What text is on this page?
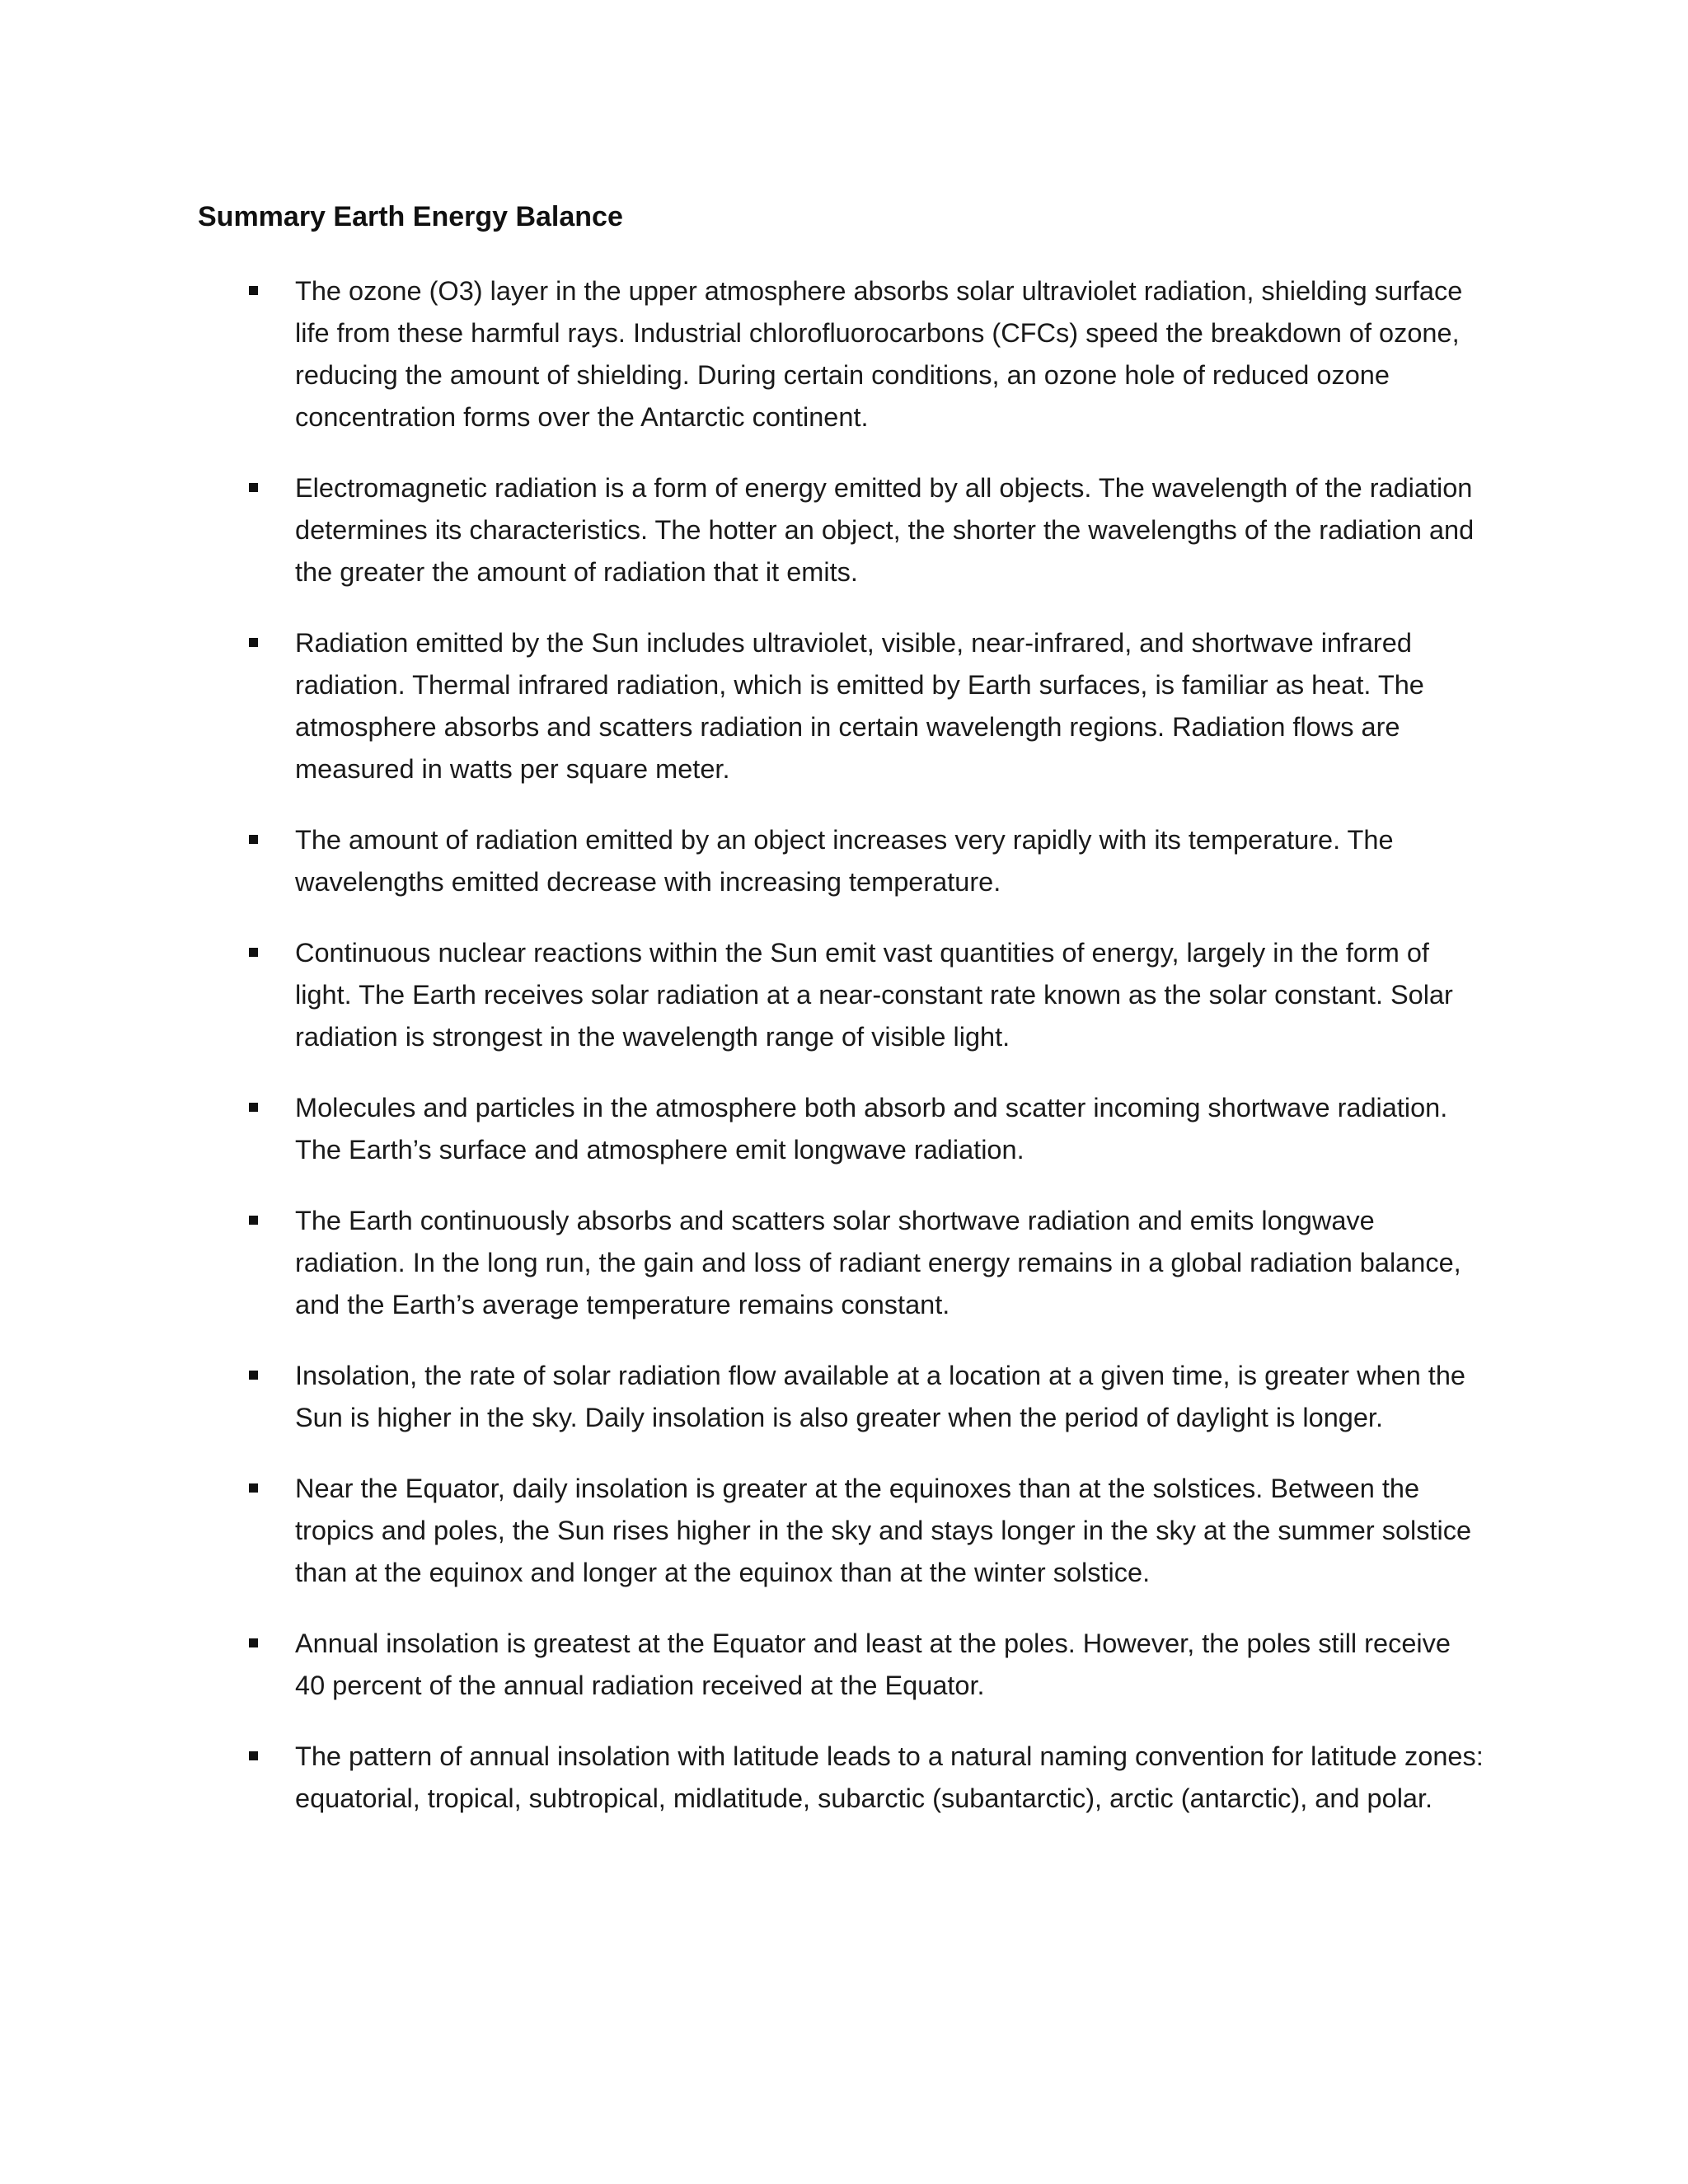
Summary Earth Energy Balance
The ozone (O3) layer in the upper atmosphere absorbs solar ultraviolet radiation, shielding surface life from these harmful rays. Industrial chlorofluorocarbons (CFCs) speed the breakdown of ozone, reducing the amount of shielding. During certain conditions, an ozone hole of reduced ozone concentration forms over the Antarctic continent.
Electromagnetic radiation is a form of energy emitted by all objects. The wavelength of the radiation determines its characteristics. The hotter an object, the shorter the wavelengths of the radiation and the greater the amount of radiation that it emits.
Radiation emitted by the Sun includes ultraviolet, visible, near-infrared, and shortwave infrared radiation. Thermal infrared radiation, which is emitted by Earth surfaces, is familiar as heat. The atmosphere absorbs and scatters radiation in certain wavelength regions. Radiation flows are measured in watts per square meter.
The amount of radiation emitted by an object increases very rapidly with its temperature. The wavelengths emitted decrease with increasing temperature.
Continuous nuclear reactions within the Sun emit vast quantities of energy, largely in the form of light. The Earth receives solar radiation at a near-constant rate known as the solar constant. Solar radiation is strongest in the wavelength range of visible light.
Molecules and particles in the atmosphere both absorb and scatter incoming shortwave radiation. The Earth’s surface and atmosphere emit longwave radiation.
The Earth continuously absorbs and scatters solar shortwave radiation and emits longwave radiation. In the long run, the gain and loss of radiant energy remains in a global radiation balance, and the Earth’s average temperature remains constant.
Insolation, the rate of solar radiation flow available at a location at a given time, is greater when the Sun is higher in the sky. Daily insolation is also greater when the period of daylight is longer.
Near the Equator, daily insolation is greater at the equinoxes than at the solstices. Between the tropics and poles, the Sun rises higher in the sky and stays longer in the sky at the summer solstice than at the equinox and longer at the equinox than at the winter solstice.
Annual insolation is greatest at the Equator and least at the poles. However, the poles still receive 40 percent of the annual radiation received at the Equator.
The pattern of annual insolation with latitude leads to a natural naming convention for latitude zones: equatorial, tropical, subtropical, midlatitude, subarctic (subantarctic), arctic (antarctic), and polar.
